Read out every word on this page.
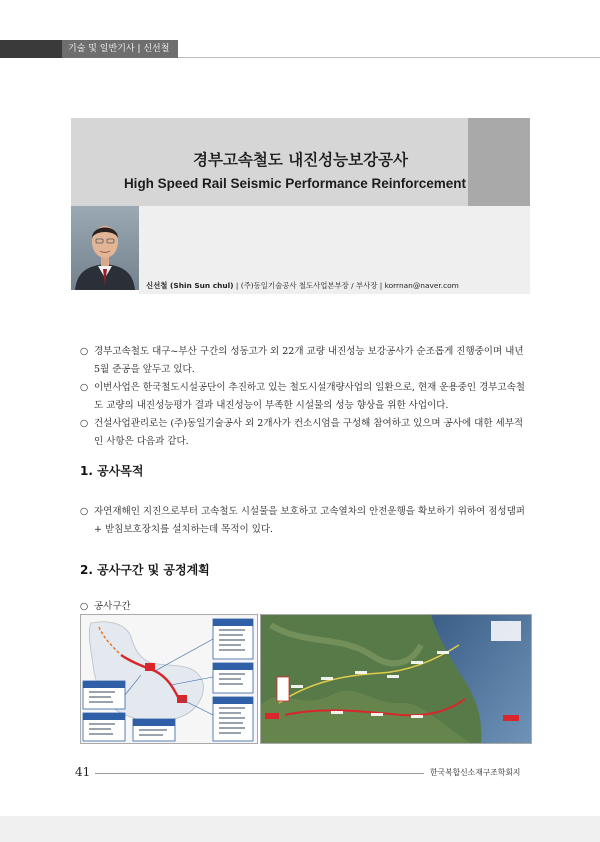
기술 및 일반기사 | 신선철
경부고속철도 내진성능보강공사
High Speed Rail Seismic Performance Reinforcement
신선철 (Shin Sun chul) | (주)동일기술공사 철도사업본부장 / 부사장 | korrnan@naver.com
○ 경부고속철도 대구~부산 구간의 성동고가 외 22개 교량 내진성능 보강공사가 순조롭게 진행중이며 내년 5월 준공을 앞두고 있다.
○ 이번사업은 한국철도시설공단이 추진하고 있는 철도시설개량사업의 일환으로, 현재 운용중인 경부고속철도 교량의 내진성능평가 결과 내진성능이 부족한 시설물의 성능 향상을 위한 사업이다.
○ 건설사업관리로는 (주)동일기술공사 외 2개사가 컨소시엄을 구성해 참여하고 있으며 공사에 대한 세부적인 사항은 다음과 같다.
1. 공사목적
○ 자연재해인 지진으로부터 고속철도 시설물을 보호하고 고속열차의 안전운행을 확보하기 위하여 점성댐퍼 + 받침보호장치를 설치하는데 목적이 있다.
2. 공사구간 및 공정계획
○ 공사구간
41	한국복합신소재구조학회지
